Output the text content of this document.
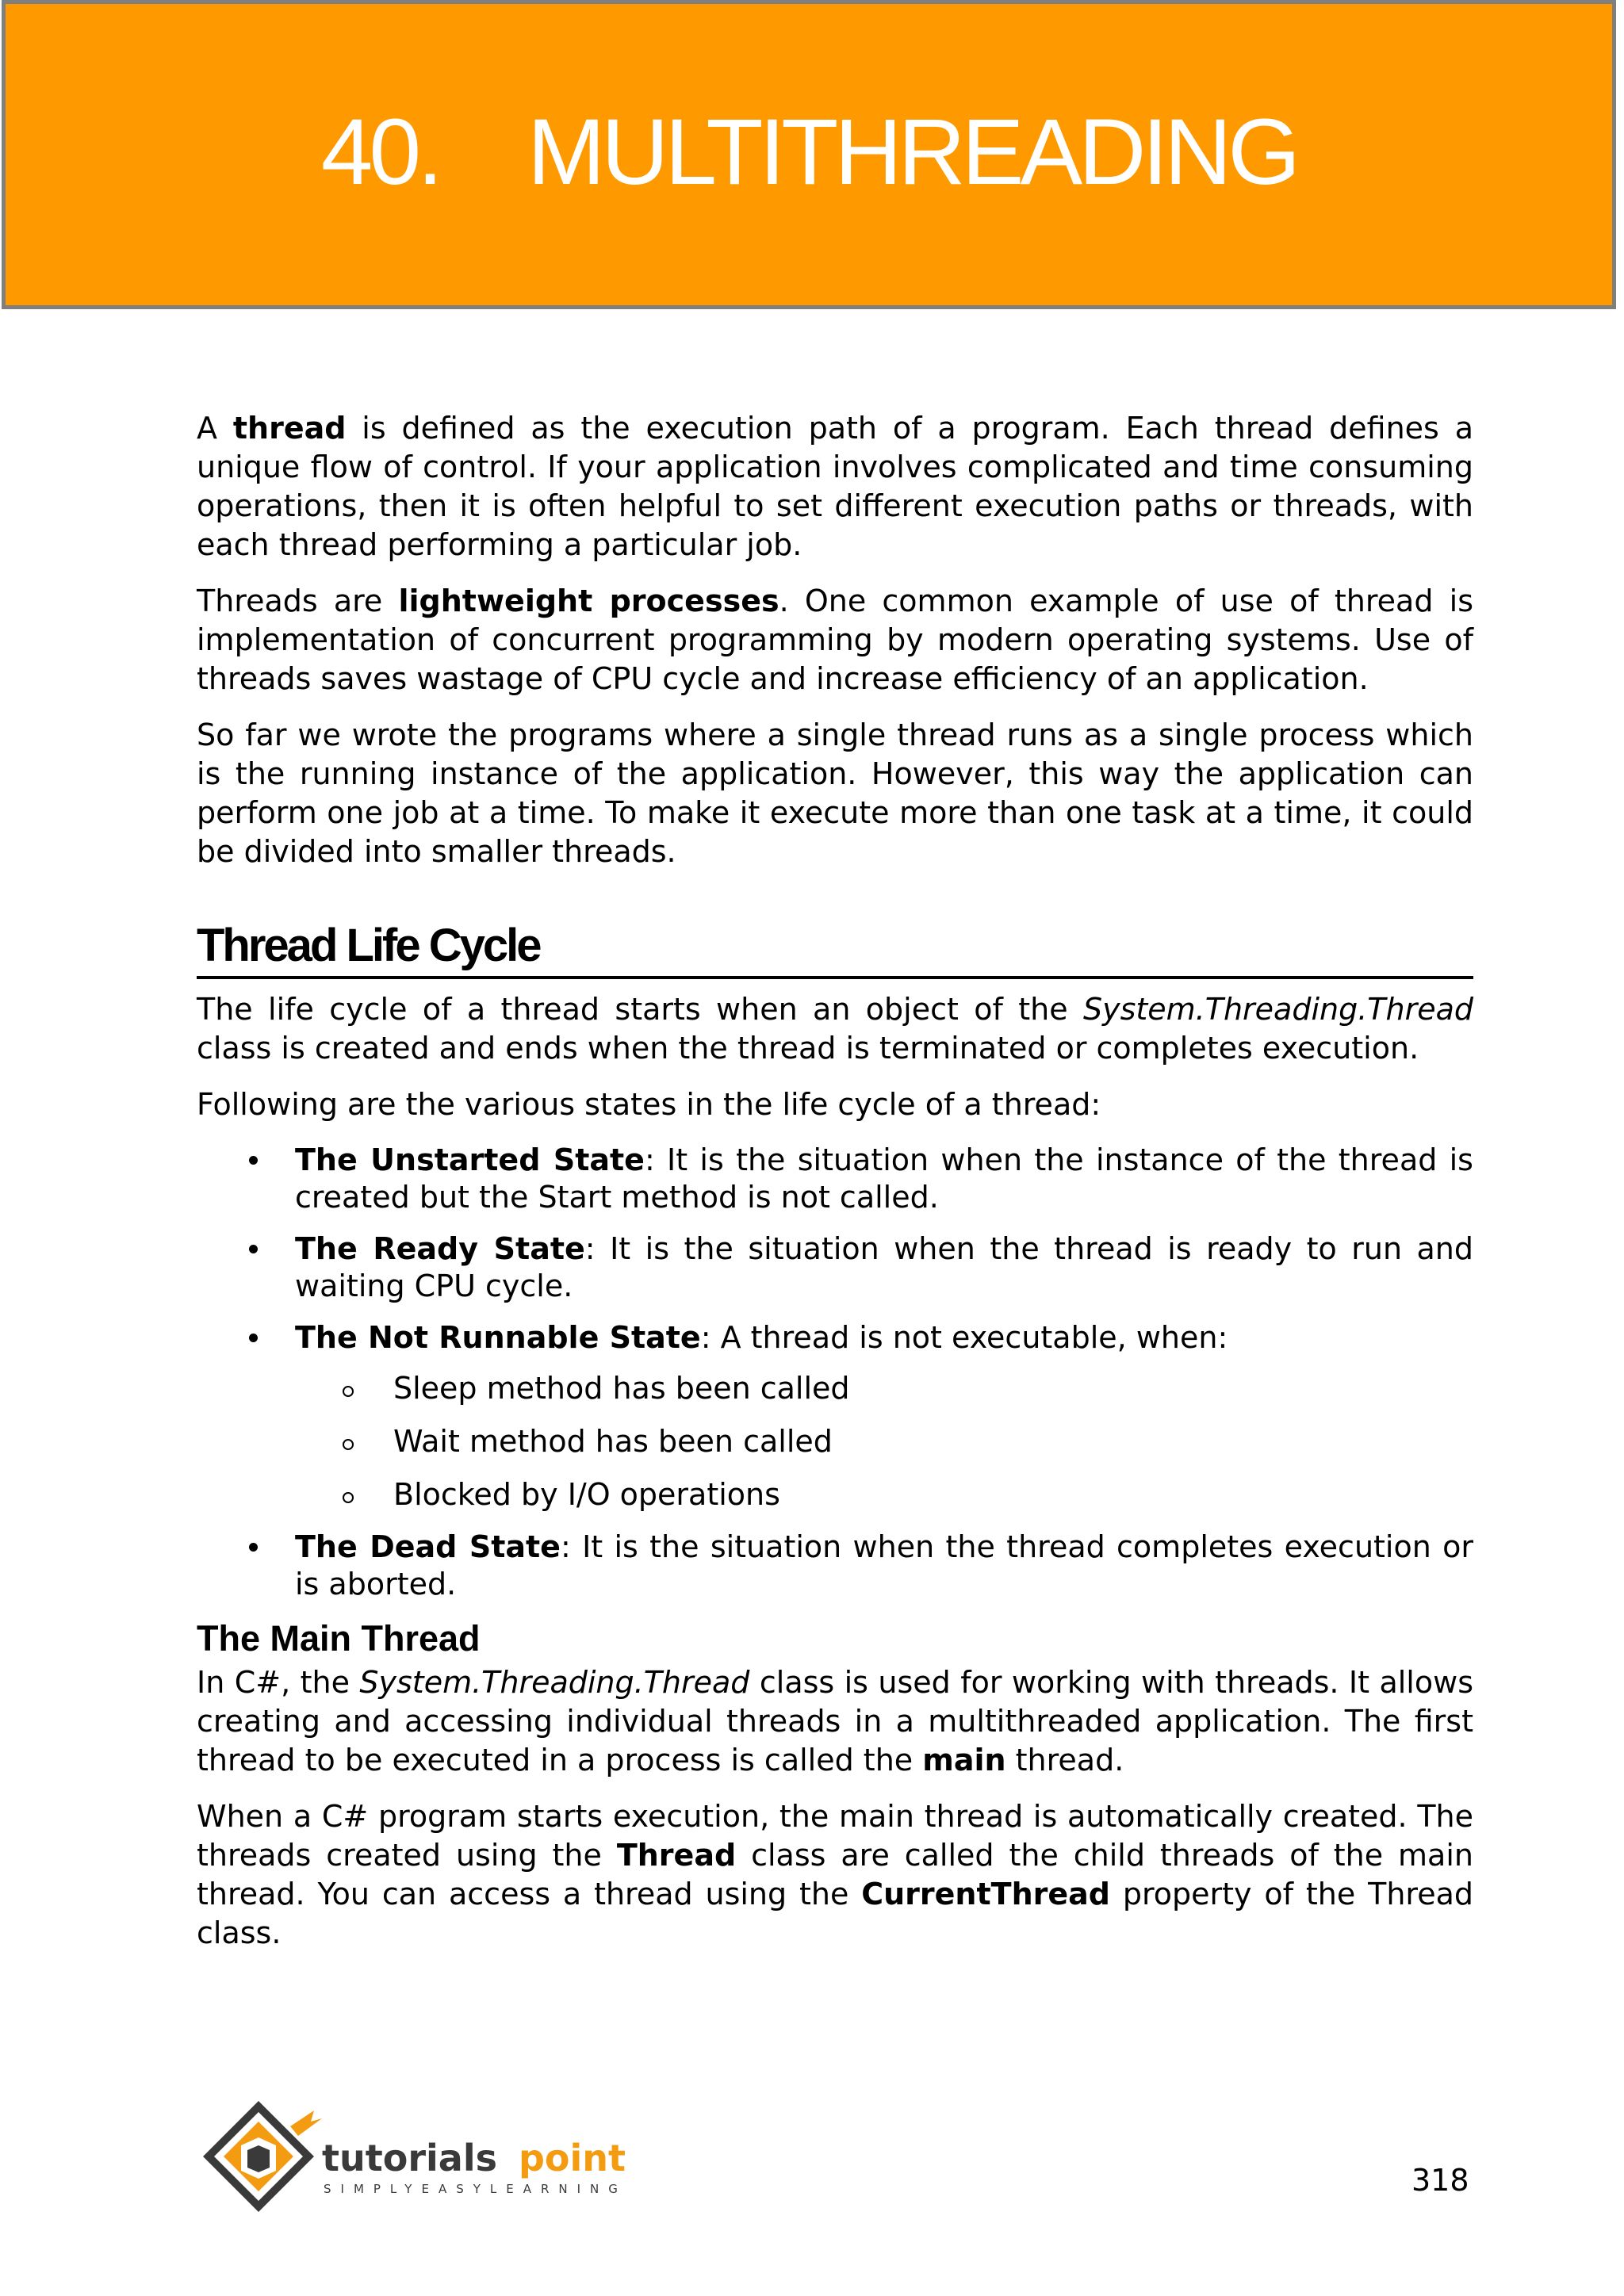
40. MULTITHREADING

A thread is defined as the execution path of a program. Each thread defines a unique flow of control. If your application involves complicated and time consuming operations, then it is often helpful to set different execution paths or threads, with each thread performing a particular job.

Threads are lightweight processes. One common example of use of thread is implementation of concurrent programming by modern operating systems. Use of threads saves wastage of CPU cycle and increase efficiency of an application.

So far we wrote the programs where a single thread runs as a single process which is the running instance of the application. However, this way the application can perform one job at a time. To make it execute more than one task at a time, it could be divided into smaller threads.

Thread Life Cycle

The life cycle of a thread starts when an object of the System.Threading.Thread class is created and ends when the thread is terminated or completes execution.

Following are the various states in the life cycle of a thread:

The Unstarted State: It is the situation when the instance of the thread is created but the Start method is not called.
The Ready State: It is the situation when the thread is ready to run and waiting CPU cycle.
The Not Runnable State: A thread is not executable, when:
Sleep method has been called
Wait method has been called
Blocked by I/O operations
The Dead State: It is the situation when the thread completes execution or is aborted.
The Main Thread

In C#, the System.Threading.Thread class is used for working with threads. It allows creating and accessing individual threads in a multithreaded application. The first thread to be executed in a process is called the main thread.

When a C# program starts execution, the main thread is automatically created. The threads created using the Thread class are called the child threads of the main thread. You can access a thread using the CurrentThread property of the Thread class.

tutorials point
SIMPLYEASYLEARNING	318
